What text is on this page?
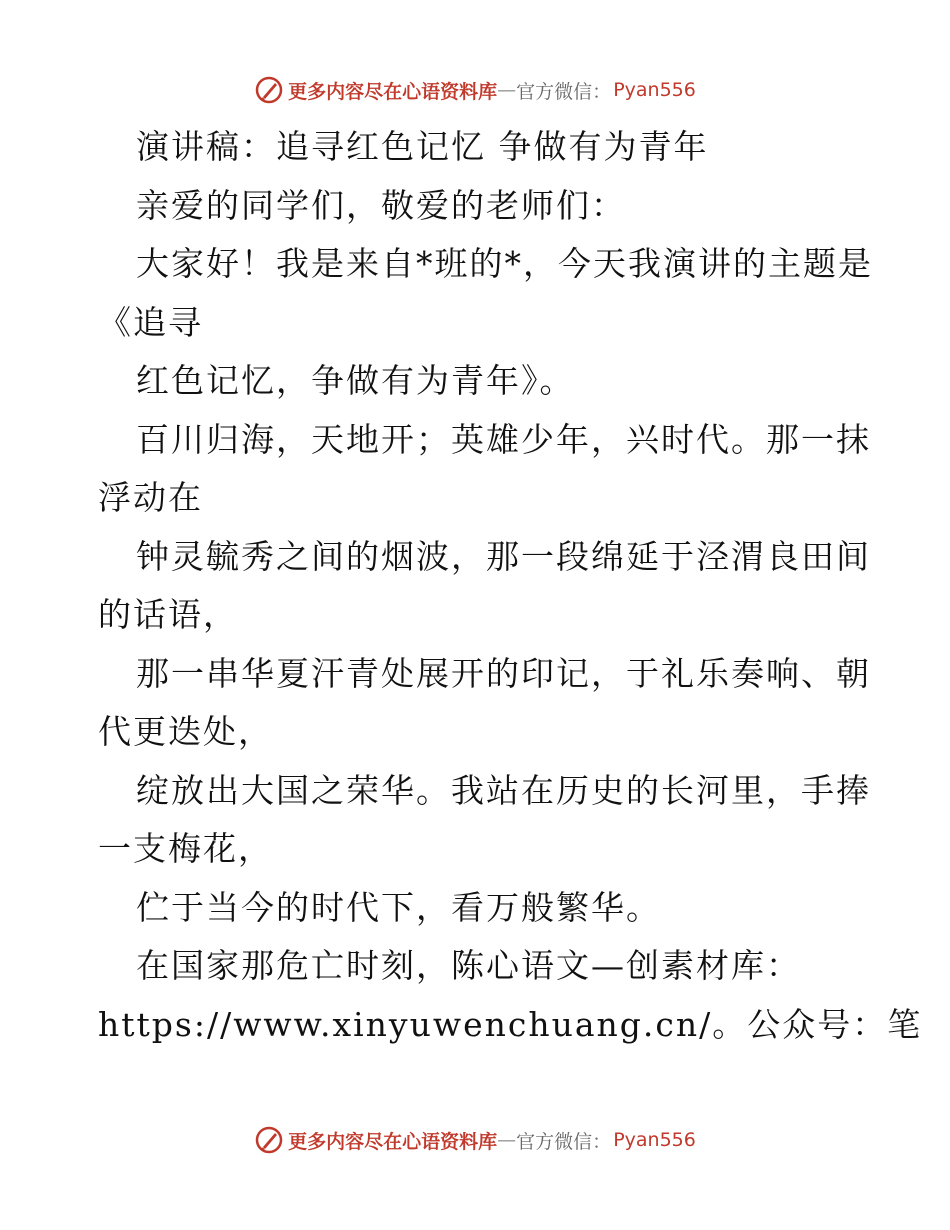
更多内容尽在心语资料库 — 官方微信： Pyan556
演讲稿：追寻红色记忆 争做有为青年
亲爱的同学们，敬爱的老师们：
大家好！我是来自*班的*，今天我演讲的主题是
《追寻
红色记忆，争做有为青年》。
百川归海，天地开；英雄少年，兴时代。那一抹
浮动在
钟灵毓秀之间的烟波，那一段绵延于泾渭良田间
的话语，
那一串华夏汗青处展开的印记，于礼乐奏响、朝
代更迭处，
绽放出大国之荣华。我站在历史的长河里，手捧
一支梅花，
伫于当今的时代下，看万般繁华。
在国家那危亡时刻，陈心语文—创素材库：
https://www.xinyuwenchuang.cn/。公众号：笔
更多内容尽在心语资料库 — 官方微信： Pyan556
